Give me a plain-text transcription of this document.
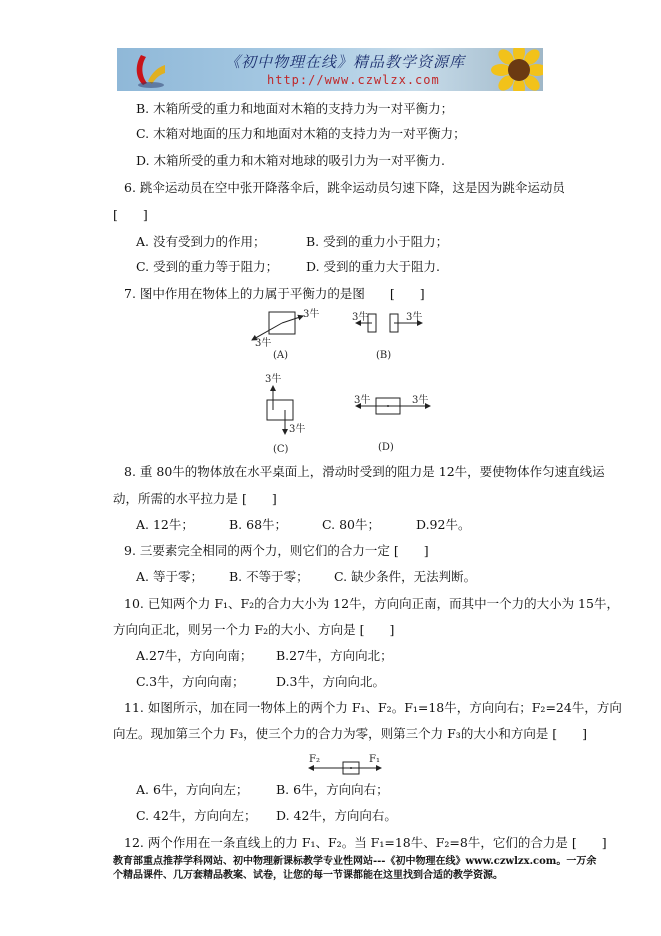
《初中物理在线》精品教学资源库
http://www.czwlzx.com
B. 木箱所受的重力和地面对木箱的支持力为一对平衡力；
C. 木箱对地面的压力和地面对木箱的支持力为一对平衡力；
D. 木箱所受的重力和木箱对地球的吸引力为一对平衡力.
6. 跳伞运动员在空中张开降落伞后，跳伞运动员匀速下降，这是因为跳伞运动员
[　　]
A. 没有受到力的作用；	B. 受到的重力小于阻力；
C. 受到的重力等于阻力； D. 受到的重力大于阻力.
7. 图中作用在物体上的力属于平衡力的是图　　[　　]
3牛
3牛
(A)
3牛	3牛
(B)
3牛
3牛
(C)
3牛	3牛
(D)
8. 重 80牛的物体放在水平桌面上，滑动时受到的阻力是 12牛，要使物体作匀速直线运
动，所需的水平拉力是 [　　]
A. 12牛；	B. 68牛；	C. 80牛；	D.92牛。
9. 三要素完全相同的两个力，则它们的合力一定 [　　]
A. 等于零； B. 不等于零； C. 缺少条件，无法判断。
10. 已知两个力 F₁、F₂的合力大小为 12牛，方向向正南，而其中一个力的大小为 15牛，
方向向正北，则另一个力 F₂的大小、方向是 [　　]
A.27牛，方向向南； B.27牛，方向向北；
C.3牛，方向向南；	D.3牛，方向向北。
11. 如图所示，加在同一物体上的两个力 F₁、F₂。F₁=18牛，方向向右；F₂=24牛，方向
向左。现加第三个力 F₃，使三个力的合力为零，则第三个力 F₃的大小和方向是 [　　]
F₂	F₁
A. 6牛，方向向左； B. 6牛，方向向右；
C. 42牛，方向向左； D. 42牛，方向向右。
12. 两个作用在一条直线上的力 F₁、F₂。当 F₁=18牛、F₂=8牛，它们的合力是 [　　]
教育部重点推荐学科网站、初中物理新课标教学专业性网站---《初中物理在线》www.czwlzx.com。一万余
个精品课件、几万套精品教案、试卷，让您的每一节课都能在这里找到合适的教学资源。
